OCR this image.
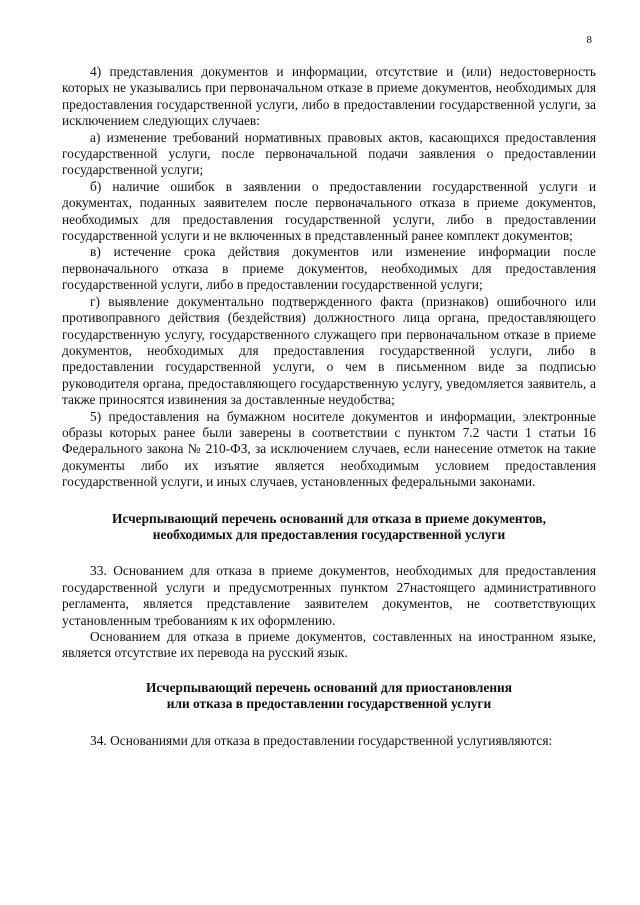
8

4) представления документов и информации, отсутствие и (или) недостоверность которых не указывались при первоначальном отказе в приеме документов, необходимых для предоставления государственной услуги, либо в предоставлении государственной услуги, за исключением следующих случаев:

а) изменение требований нормативных правовых актов, касающихся предоставления государственной услуги, после первоначальной подачи заявления о предоставлении государственной услуги;

б) наличие ошибок в заявлении о предоставлении государственной услуги и документах, поданных заявителем после первоначального отказа в приеме документов, необходимых для предоставления государственной услуги, либо в предоставлении государственной услуги и не включенных в представленный ранее комплект документов;

в) истечение срока действия документов или изменение информации после первоначального отказа в приеме документов, необходимых для предоставления государственной услуги, либо в предоставлении государственной услуги;

г) выявление документально подтвержденного факта (признаков) ошибочного или противоправного действия (бездействия) должностного лица органа, предоставляющего государственную услугу, государственного служащего при первоначальном отказе в приеме документов, необходимых для предоставления государственной услуги, либо в предоставлении государственной услуги, о чем в письменном виде за подписью руководителя органа, предоставляющего государственную услугу, уведомляется заявитель, а также приносятся извинения за доставленные неудобства;

5) предоставления на бумажном носителе документов и информации, электронные образы которых ранее были заверены в соответствии с пунктом 7.2 части 1 статьи 16 Федерального закона № 210-ФЗ, за исключением случаев, если нанесение отметок на такие документы либо их изъятие является необходимым условием предоставления государственной услуги, и иных случаев, установленных федеральными законами.

Исчерпывающий перечень оснований для отказа в приеме документов,
необходимых для предоставления государственной услуги

33. Основанием для отказа в приеме документов, необходимых для предоставления государственной услуги и предусмотренных пунктом 27настоящего административного регламента, является представление заявителем документов, не соответствующих установленным требованиям к их оформлению.

Основанием для отказа в приеме документов, составленных на иностранном языке, является отсутствие их перевода на русский язык.

Исчерпывающий перечень оснований для приостановления
или отказа в предоставлении государственной услуги

34. Основаниями для отказа в предоставлении государственной услугиявляются:
